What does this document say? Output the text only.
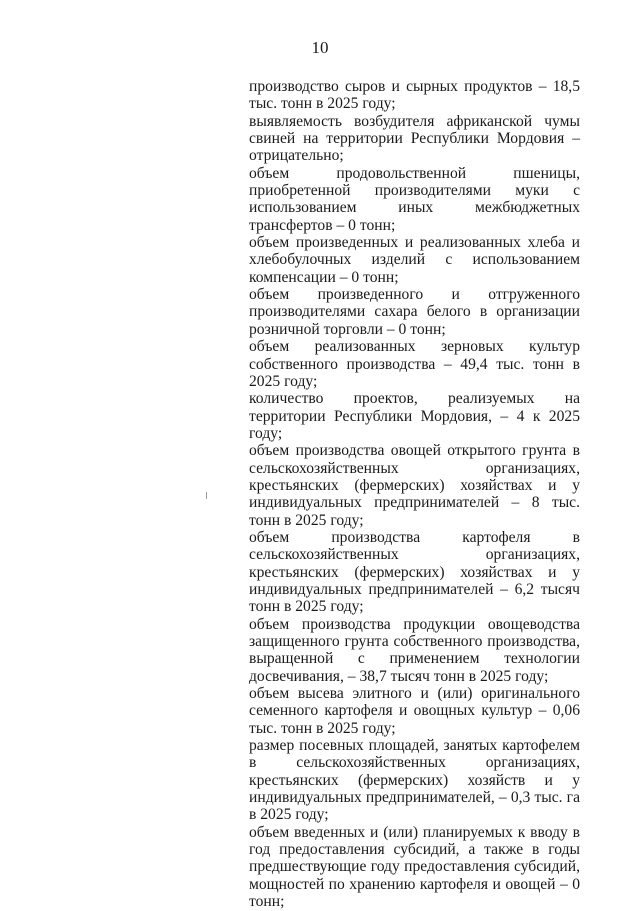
10

производство сыров и сырных продуктов – 18,5 тыс. тонн в 2025 году;

выявляемость возбудителя африканской чумы свиней на территории Республики Мордовия – отрицательно;

объем продовольственной пшеницы, приобретенной производителями муки с использованием иных межбюджетных трансфертов – 0 тонн;

объем произведенных и реализованных хлеба и хлебобулочных изделий с использованием компенсации – 0 тонн;

объем произведенного и отгруженного производителями сахара белого в организации розничной торговли – 0 тонн;

объем реализованных зерновых культур собственного производства – 49,4 тыс. тонн в 2025 году;

количество проектов, реализуемых на территории Республики Мордовия, – 4 к 2025 году;

объем производства овощей открытого грунта в сельскохозяйственных организациях, крестьянских (фермерских) хозяйствах и у индивидуальных предпринимателей – 8 тыс. тонн в 2025 году;

объем производства картофеля в сельскохозяйственных организациях, крестьянских (фермерских) хозяйствах и у индивидуальных предпринимателей – 6,2 тысяч тонн в 2025 году;

объем производства продукции овощеводства защищенного грунта собственного производства, выращенной с применением технологии досвечивания, – 38,7 тысяч тонн в 2025 году;

объем высева элитного и (или) оригинального семенного картофеля и овощных культур – 0,06 тыс. тонн в 2025 году;

размер посевных площадей, занятых картофелем в сельскохозяйственных организациях, крестьянских (фермерских) хозяйств и у индивидуальных предпринимателей, – 0,3 тыс. га в 2025 году;

объем введенных и (или) планируемых к вводу в год предоставления субсидий, а также в годы предшествующие году предоставления субсидий, мощностей по хранению картофеля и овощей – 0 тонн;
